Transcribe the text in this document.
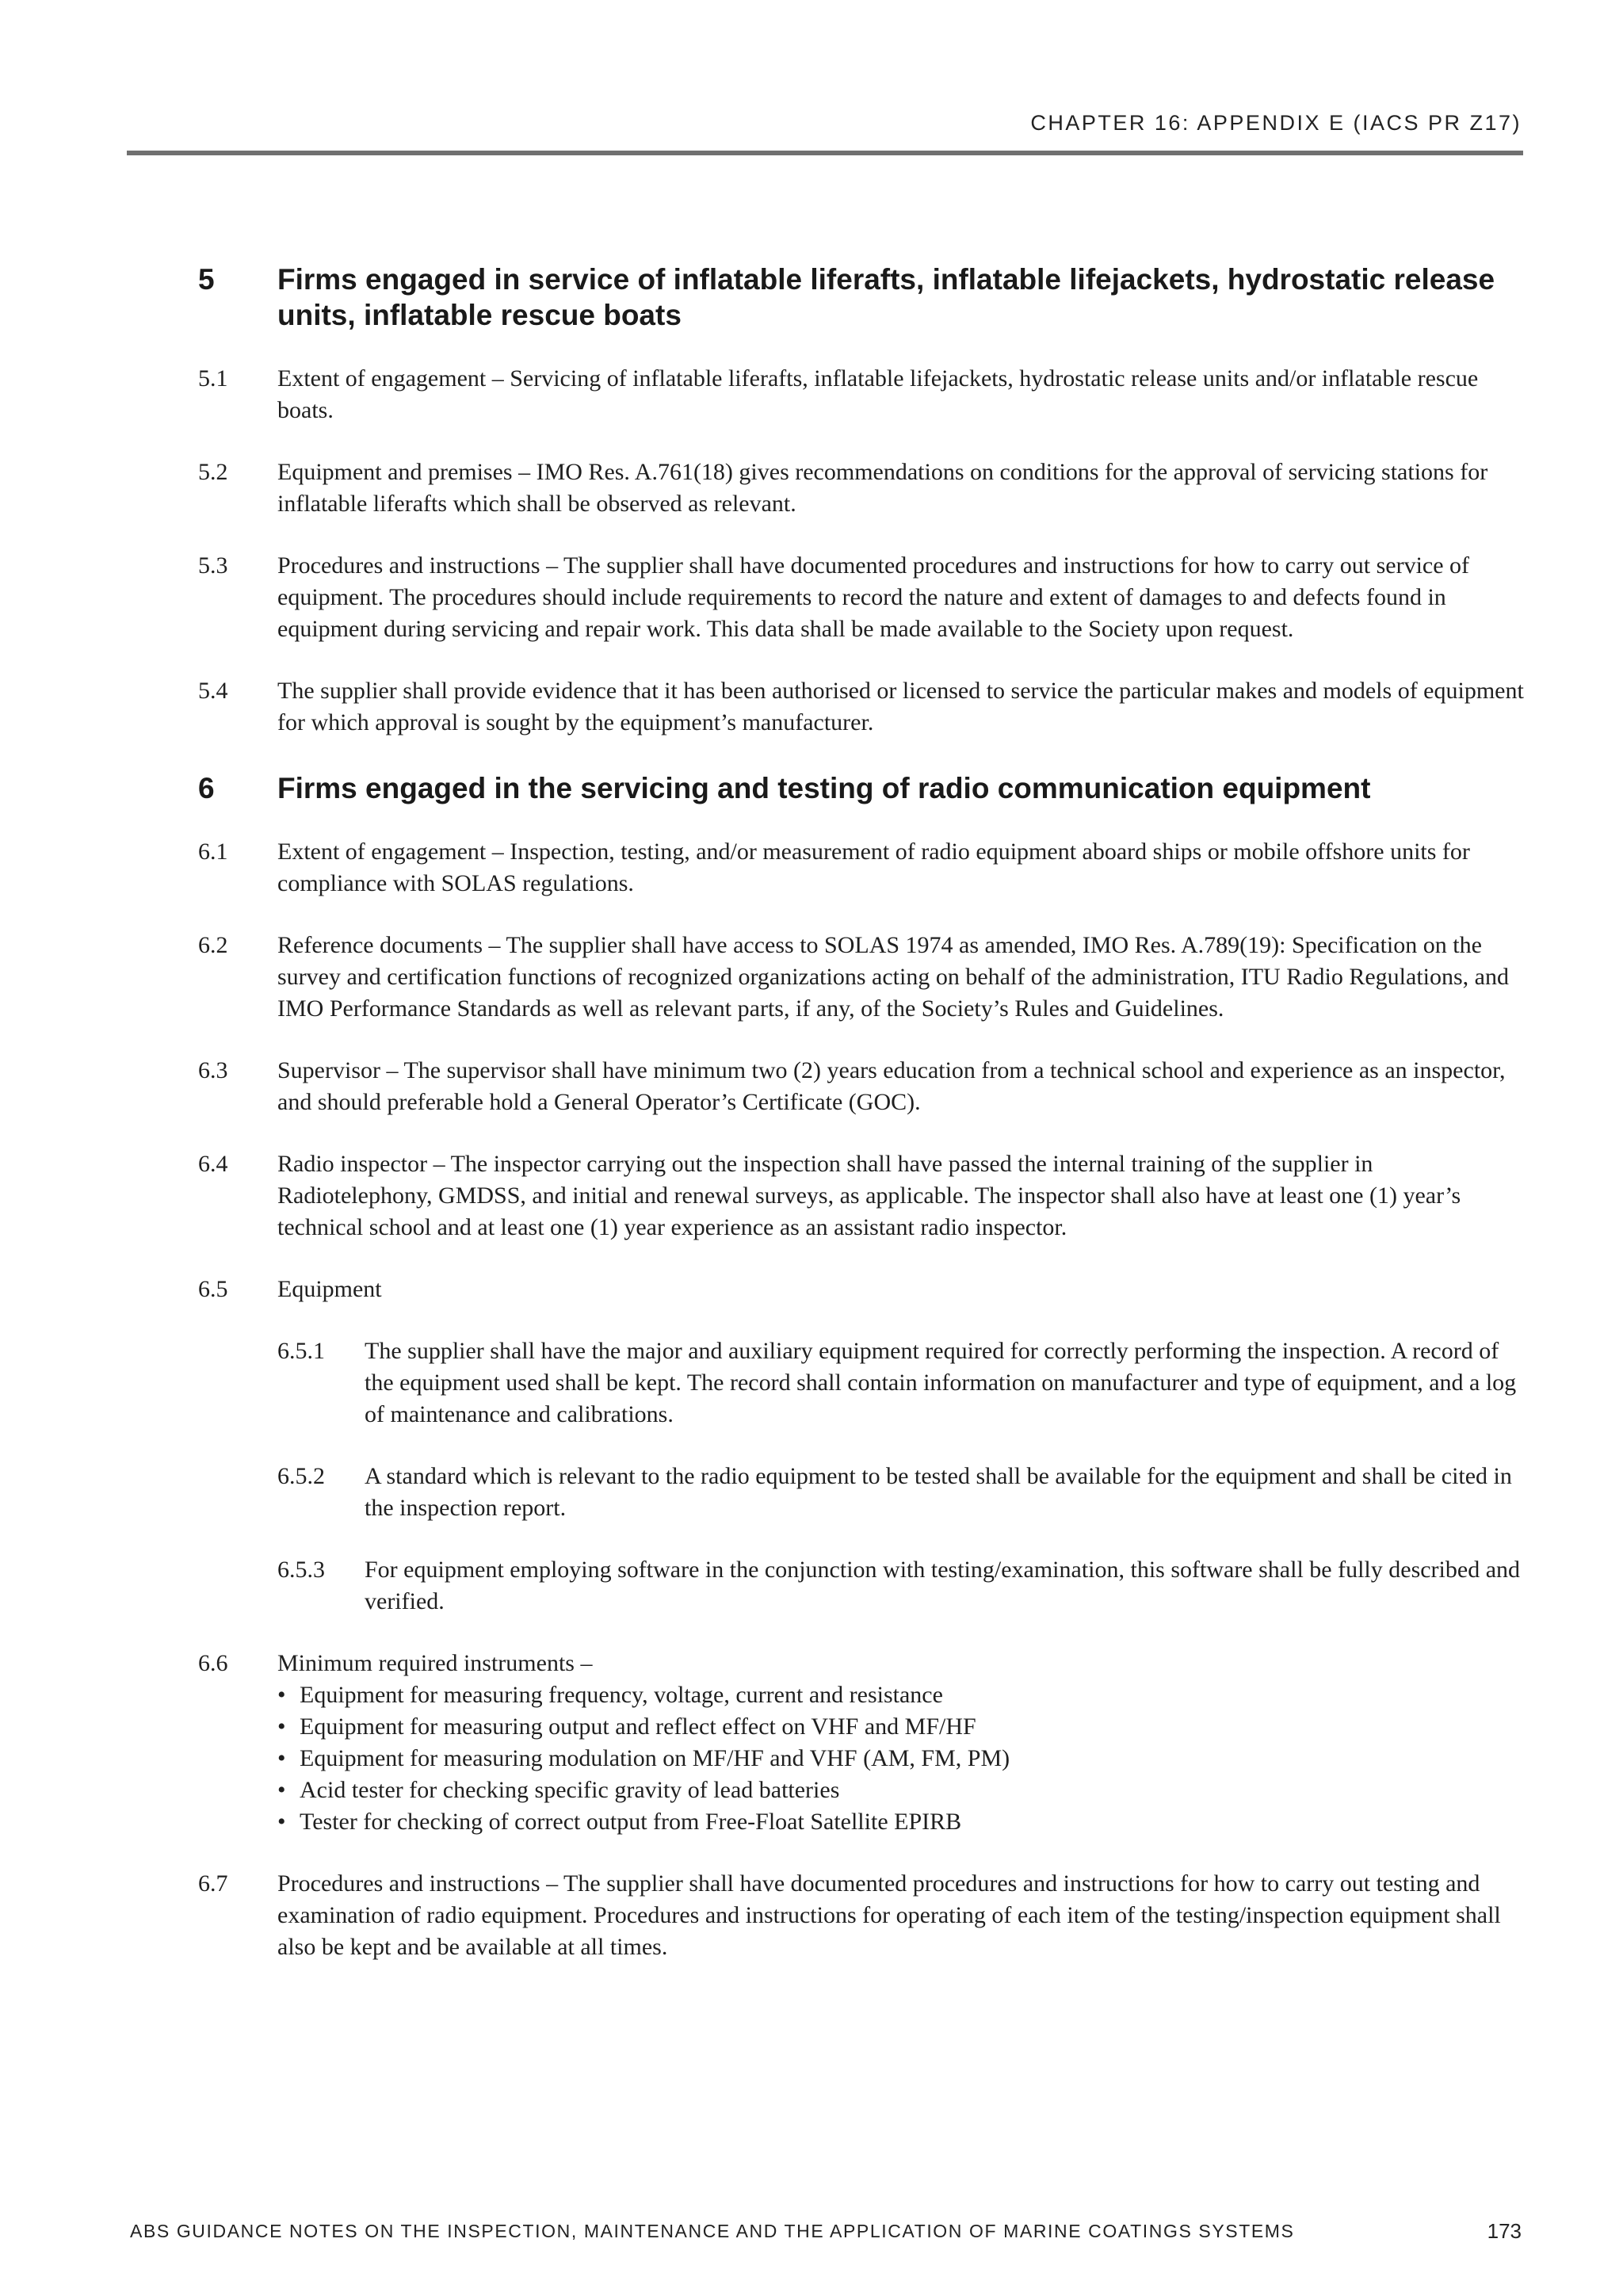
CHAPTER 16: APPENDIX E (IACS PR Z17)
5 Firms engaged in service of inflatable liferafts, inflatable lifejackets, hydrostatic release units, inflatable rescue boats
5.1 Extent of engagement – Servicing of inflatable liferafts, inflatable lifejackets, hydrostatic release units and/or inflatable rescue boats.
5.2 Equipment and premises – IMO Res. A.761(18) gives recommendations on conditions for the approval of servicing stations for inflatable liferafts which shall be observed as relevant.
5.3 Procedures and instructions – The supplier shall have documented procedures and instructions for how to carry out service of equipment. The procedures should include requirements to record the nature and extent of damages to and defects found in equipment during servicing and repair work. This data shall be made available to the Society upon request.
5.4 The supplier shall provide evidence that it has been authorised or licensed to service the particular makes and models of equipment for which approval is sought by the equipment’s manufacturer.
6 Firms engaged in the servicing and testing of radio communication equipment
6.1 Extent of engagement – Inspection, testing, and/or measurement of radio equipment aboard ships or mobile offshore units for compliance with SOLAS regulations.
6.2 Reference documents – The supplier shall have access to SOLAS 1974 as amended, IMO Res. A.789(19): Specification on the survey and certification functions of recognized organizations acting on behalf of the administration, ITU Radio Regulations, and IMO Performance Standards as well as relevant parts, if any, of the Society’s Rules and Guidelines.
6.3 Supervisor – The supervisor shall have minimum two (2) years education from a technical school and experience as an inspector, and should preferable hold a General Operator’s Certificate (GOC).
6.4 Radio inspector – The inspector carrying out the inspection shall have passed the internal training of the supplier in Radiotelephony, GMDSS, and initial and renewal surveys, as applicable. The inspector shall also have at least one (1) year’s technical school and at least one (1) year experience as an assistant radio inspector.
6.5 Equipment
6.5.1 The supplier shall have the major and auxiliary equipment required for correctly performing the inspection. A record of the equipment used shall be kept. The record shall contain information on manufacturer and type of equipment, and a log of maintenance and calibrations.
6.5.2 A standard which is relevant to the radio equipment to be tested shall be available for the equipment and shall be cited in the inspection report.
6.5.3 For equipment employing software in the conjunction with testing/examination, this software shall be fully described and verified.
6.6 Minimum required instruments –
• Equipment for measuring frequency, voltage, current and resistance
• Equipment for measuring output and reflect effect on VHF and MF/HF
• Equipment for measuring modulation on MF/HF and VHF (AM, FM, PM)
• Acid tester for checking specific gravity of lead batteries
• Tester for checking of correct output from Free-Float Satellite EPIRB
6.7 Procedures and instructions – The supplier shall have documented procedures and instructions for how to carry out testing and examination of radio equipment. Procedures and instructions for operating of each item of the testing/inspection equipment shall also be kept and be available at all times.
ABS GUIDANCE NOTES ON THE INSPECTION, MAINTENANCE AND THE APPLICATION OF MARINE COATINGS SYSTEMS	173
